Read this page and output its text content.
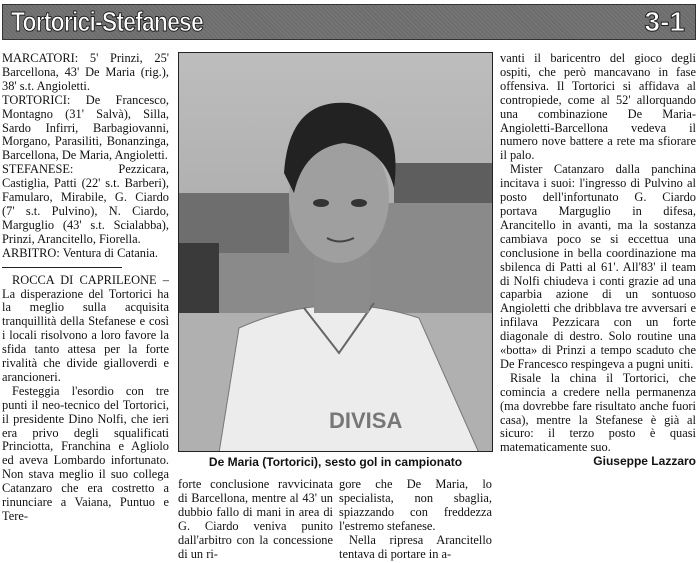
Tortorici-Stefanese	3-1

MARCATORI: 5' Prinzi, 25' Barcellona, 43' De Maria (rig.), 38' s.t. Angioletti.

TORTORICI: De Francesco, Montagno (31' Salvà), Silla, Sardo Infirri, Barbagiovanni, Morgano, Parasiliti, Bonanzinga, Barcellona, De Maria, Angioletti.

STEFANESE: Pezzicara, Castiglia, Patti (22' s.t. Barberi), Famularo, Mirabile, G. Ciardo (7' s.t. Pulvino), N. Ciardo, Marguglio (43' s.t. Scialabba), Prinzi, Arancitello, Fiorella.

ARBITRO: Ventura di Catania.

ROCCA DI CAPRILEONE – La disperazione del Tortorici ha la meglio sulla acquisita tranquillità della Stefanese e così i locali risolvono a loro favore la sfida tanto attesa per la forte rivalità che divide gialloverdi e arancioneri.

Festeggia l'esordio con tre punti il neo-tecnico del Tortorici, il presidente Dino Nolfi, che ieri era privo degli squalificati Princiotta, Franchina e Agliolo ed aveva Lombardo infortunato. Non stava meglio il suo collega Catanzaro che era costretto a rinunciare a Vaiana, Puntuo e Tere-

DIVISA
De Maria (Tortorici), sesto gol in campionato

forte conclusione ravvicinata di Barcellona, mentre al 43' un dubbio fallo di mani in area di G. Ciardo veniva punito dall'arbitro con la concessione di un ri-

gore che De Maria, lo specialista, non sbaglia, spiazzando con freddezza l'estremo stefanese.

Nella ripresa Arancitello tentava di portare in a-

vanti il baricentro del gioco degli ospiti, che però mancavano in fase offensiva. Il Tortorici si affidava al contropiede, come al 52' allorquando una combinazione De Maria-Angioletti-Barcellona vedeva il numero nove battere a rete ma sfiorare il palo.

Mister Catanzaro dalla panchina incitava i suoi: l'ingresso di Pulvino al posto dell'infortunato G. Ciardo portava Marguglio in difesa, Arancitello in avanti, ma la sostanza cambiava poco se si eccettua una conclusione in bella coordinazione ma sbilenca di Patti al 61'. All'83' il team di Nolfi chiudeva i conti grazie ad una caparbia azione di un sontuoso Angioletti che dribblava tre avversari e infilava Pezzicara con un forte diagonale di destro. Solo routine una «botta» di Prinzi a tempo scaduto che De Francesco respingeva a pugni uniti.

Risale la china il Tortorici, che comincia a credere nella permanenza (ma dovrebbe fare risultato anche fuori casa), mentre la Stefanese è già al sicuro: il terzo posto è quasi matematicamente suo.

Giuseppe Lazzaro
